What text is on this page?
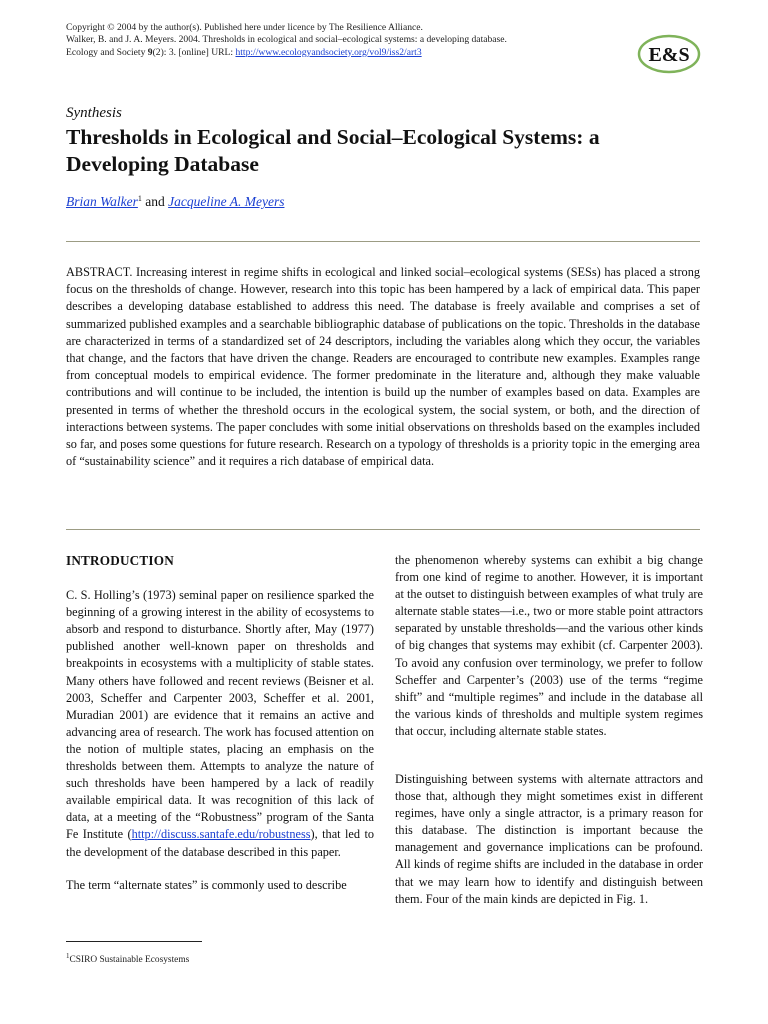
Copyright © 2004 by the author(s). Published here under licence by The Resilience Alliance.
Walker, B. and J. A. Meyers. 2004. Thresholds in ecological and social–ecological systems: a developing database. Ecology and Society 9(2): 3. [online] URL: http://www.ecologyandsociety.org/vol9/iss2/art3	E&S
Synthesis
Thresholds in Ecological and Social–Ecological Systems: a Developing Database
Brian Walker$^1$ and Jacqueline A. Meyers
ABSTRACT. Increasing interest in regime shifts in ecological and linked social–ecological systems (SESs) has placed a strong focus on the thresholds of change. However, research into this topic has been hampered by a lack of empirical data. This paper describes a developing database established to address this need. The database is freely available and comprises a set of summarized published examples and a searchable bibliographic database of publications on the topic. Thresholds in the database are characterized in terms of a standardized set of 24 descriptors, including the variables along which they occur, the variables that change, and the factors that have driven the change. Readers are encouraged to contribute new examples. Examples range from conceptual models to empirical evidence. The former predominate in the literature and, although they make valuable contributions and will continue to be included, the intention is build up the number of examples based on data. Examples are presented in terms of whether the threshold occurs in the ecological system, the social system, or both, and the direction of interactions between systems. The paper concludes with some initial observations on thresholds based on the examples included so far, and poses some questions for future research. Research on a typology of thresholds is a priority topic in the emerging area of “sustainability science” and it requires a rich database of empirical data.
INTRODUCTION

C. S. Holling’s (1973) seminal paper on resilience sparked the beginning of a growing interest in the ability of ecosystems to absorb and respond to disturbance. Shortly after, May (1977) published another well-known paper on thresholds and breakpoints in ecosystems with a multiplicity of stable states. Many others have followed and recent reviews (Beisner et al. 2003, Scheffer and Carpenter 2003, Scheffer et al. 2001, Muradian 2001) are evidence that it remains an active and advancing area of research. The work has focused attention on the notion of multiple states, placing an emphasis on the thresholds between them. Attempts to analyze the nature of such thresholds have been hampered by a lack of readily available empirical data. It was recognition of this lack of data, at a meeting of the “Robustness” program of the Santa Fe Institute (http://discuss.santafe.edu/robustness), that led to the development of the database described in this paper.

The term “alternate states” is commonly used to describe

the phenomenon whereby systems can exhibit a big change from one kind of regime to another. However, it is important at the outset to distinguish between examples of what truly are alternate stable states—i.e., two or more stable point attractors separated by unstable thresholds—and the various other kinds of big changes that systems may exhibit (cf. Carpenter 2003). To avoid any confusion over terminology, we prefer to follow Scheffer and Carpenter’s (2003) use of the terms “regime shift” and “multiple regimes” and include in the database all the various kinds of thresholds and multiple system regimes that occur, including alternate stable states.

Distinguishing between systems with alternate attractors and those that, although they might sometimes exist in different regimes, have only a single attractor, is a primary reason for this database. The distinction is important because the management and governance implications can be profound. All kinds of regime shifts are included in the database in order that we may learn how to identify and distinguish between them. Four of the main kinds are depicted in Fig. 1.

$^1$CSIRO Sustainable Ecosystems
